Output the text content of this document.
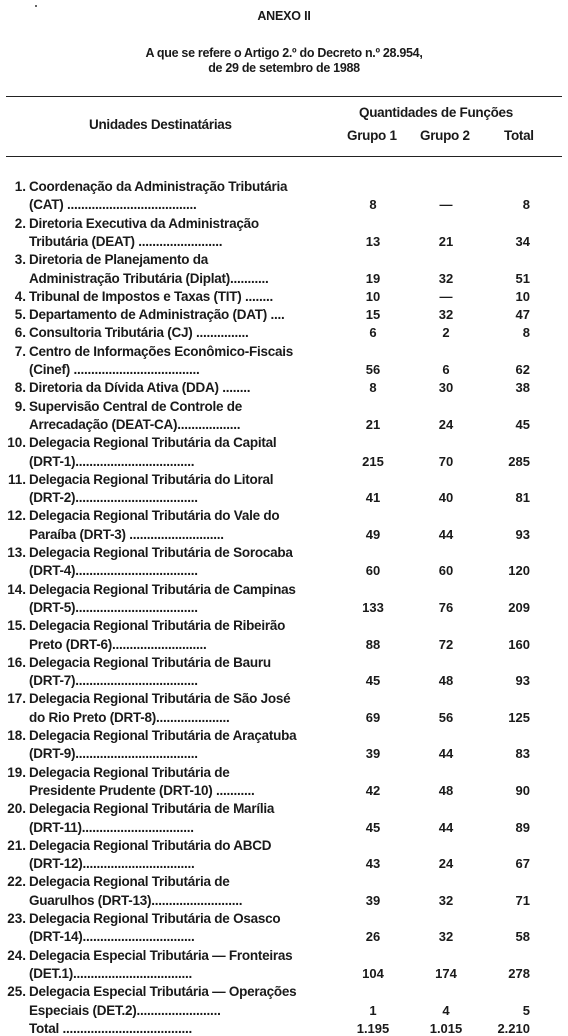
ANEXO II
A que se refere o Artigo 2.º do Decreto n.º 28.954,
de 29 de setembro de 1988
Unidades Destinatárias
Quantidades de Funções
Grupo 1 Grupo 2	Total
1. Coordenação da Administração Tributária
(CAT) .....................................	8	—	8
2. Diretoria Executiva da Administração
Tributária (DEAT) ........................	13	21	34
3. Diretoria de Planejamento da
Administração Tributária (Diplat)...........	19	32	51
4. Tribunal de Impostos e Taxas (TIT) ........	10	—	10
5. Departamento de Administração (DAT) ....	15	32	47
6. Consultoria Tributária (CJ) ...............	6	2	8
7. Centro de Informações Econômico-Fiscais
(Cinef) ....................................	56	6	62
8. Diretoria da Dívida Ativa (DDA) ........	8	30	38
9. Supervisão Central de Controle de
Arrecadação (DEAT-CA)..................	21	24	45
10. Delegacia Regional Tributária da Capital
(DRT-1)..................................	215	70	285
11. Delegacia Regional Tributária do Litoral
(DRT-2)...................................	41	40	81
12. Delegacia Regional Tributária do Vale do
Paraíba (DRT-3) ...........................	49	44	93
13. Delegacia Regional Tributária de Sorocaba
(DRT-4)...................................	60	60	120
14. Delegacia Regional Tributária de Campinas
(DRT-5)...................................	133	76	209
15. Delegacia Regional Tributária de Ribeirão
Preto (DRT-6)...........................	88	72	160
16. Delegacia Regional Tributária de Bauru
(DRT-7)...................................	45	48	93
17. Delegacia Regional Tributária de São José
do Rio Preto (DRT-8).....................	69	56	125
18. Delegacia Regional Tributária de Araçatuba
(DRT-9)...................................	39	44	83
19. Delegacia Regional Tributária de
Presidente Prudente (DRT-10) ...........	42	48	90
20. Delegacia Regional Tributária de Marília
(DRT-11)................................	45	44	89
21. Delegacia Regional Tributária do ABCD
(DRT-12)................................	43	24	67
22. Delegacia Regional Tributária de
Guarulhos (DRT-13)..........................	39	32	71
23. Delegacia Regional Tributária de Osasco
(DRT-14)................................	26	32	58
24. Delegacia Especial Tributária — Fronteiras
(DET.1)..................................	104	174	278
25. Delegacia Especial Tributária — Operações
Especiais (DET.2)........................	1	4	5
Total .....................................	1.195	1.015	2.210
